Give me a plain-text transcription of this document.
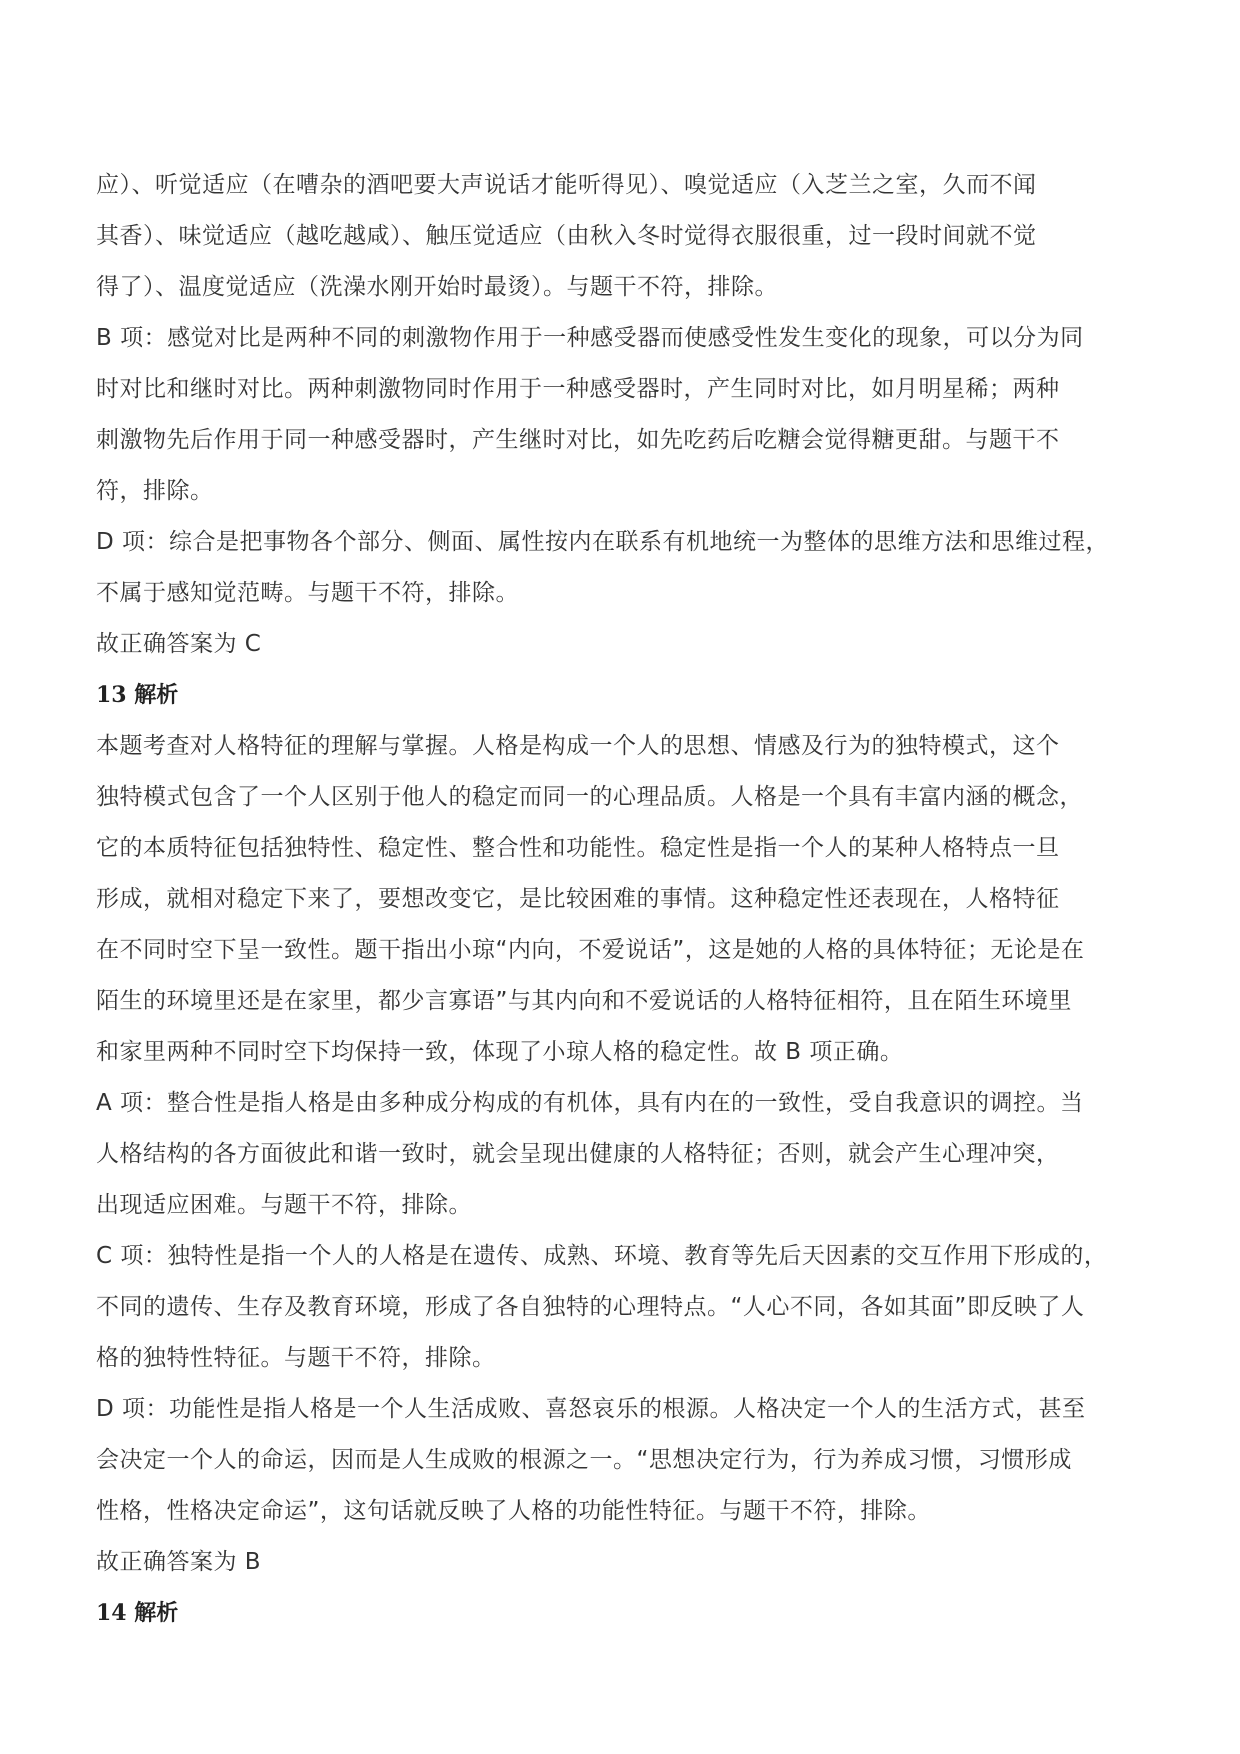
应）、听觉适应（在嘈杂的酒吧要大声说话才能听得见）、嗅觉适应（入芝兰之室，久而不闻
其香）、味觉适应（越吃越咸）、触压觉适应（由秋入冬时觉得衣服很重，过一段时间就不觉
得了）、温度觉适应（洗澡水刚开始时最烫）。与题干不符，排除。
B 项：感觉对比是两种不同的刺激物作用于一种感受器而使感受性发生变化的现象，可以分为同
时对比和继时对比。两种刺激物同时作用于一种感受器时，产生同时对比，如月明星稀；两种
刺激物先后作用于同一种感受器时，产生继时对比，如先吃药后吃糖会觉得糖更甜。与题干不
符，排除。
D 项：综合是把事物各个部分、侧面、属性按内在联系有机地统一为整体的思维方法和思维过程，
不属于感知觉范畴。与题干不符，排除。
故正确答案为 C
13 解析
本题考查对人格特征的理解与掌握。人格是构成一个人的思想、情感及行为的独特模式，这个
独特模式包含了一个人区别于他人的稳定而同一的心理品质。人格是一个具有丰富内涵的概念，
它的本质特征包括独特性、稳定性、整合性和功能性。稳定性是指一个人的某种人格特点一旦
形成，就相对稳定下来了，要想改变它，是比较困难的事情。这种稳定性还表现在，人格特征
在不同时空下呈一致性。题干指出小琼“内向，不爱说话”，这是她的人格的具体特征；无论是在
陌生的环境里还是在家里，都少言寡语”与其内向和不爱说话的人格特征相符，且在陌生环境里
和家里两种不同时空下均保持一致，体现了小琼人格的稳定性。故 B 项正确。
A 项：整合性是指人格是由多种成分构成的有机体，具有内在的一致性，受自我意识的调控。当
人格结构的各方面彼此和谐一致时，就会呈现出健康的人格特征；否则，就会产生心理冲突，
出现适应困难。与题干不符，排除。
C 项：独特性是指一个人的人格是在遗传、成熟、环境、教育等先后天因素的交互作用下形成的，
不同的遗传、生存及教育环境，形成了各自独特的心理特点。“人心不同，各如其面”即反映了人
格的独特性特征。与题干不符，排除。
D 项：功能性是指人格是一个人生活成败、喜怒哀乐的根源。人格决定一个人的生活方式，甚至
会决定一个人的命运，因而是人生成败的根源之一。“思想决定行为，行为养成习惯，习惯形成
性格，性格决定命运”，这句话就反映了人格的功能性特征。与题干不符，排除。
故正确答案为 B
14 解析
